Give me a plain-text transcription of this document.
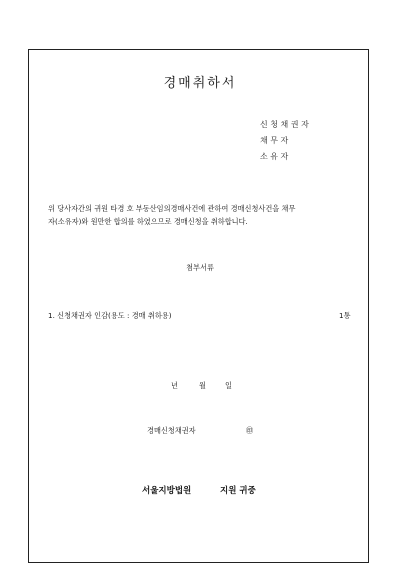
경매취하서
신 청 채 권 자
채 무 자
소 유 자
위 당사자간의 귀원 타경 호 부동산임의경매사건에 관하여 경매신청사건을 채무
자(소유자)와 원만한 합의를 하였으므로 경매신청을 취하합니다.
첨부서류
1. 신청채권자 인감(용도 : 경매 취하용)	1통
년	월	일
경매신청채권자	㊞
서울지방법원	지원 귀중
